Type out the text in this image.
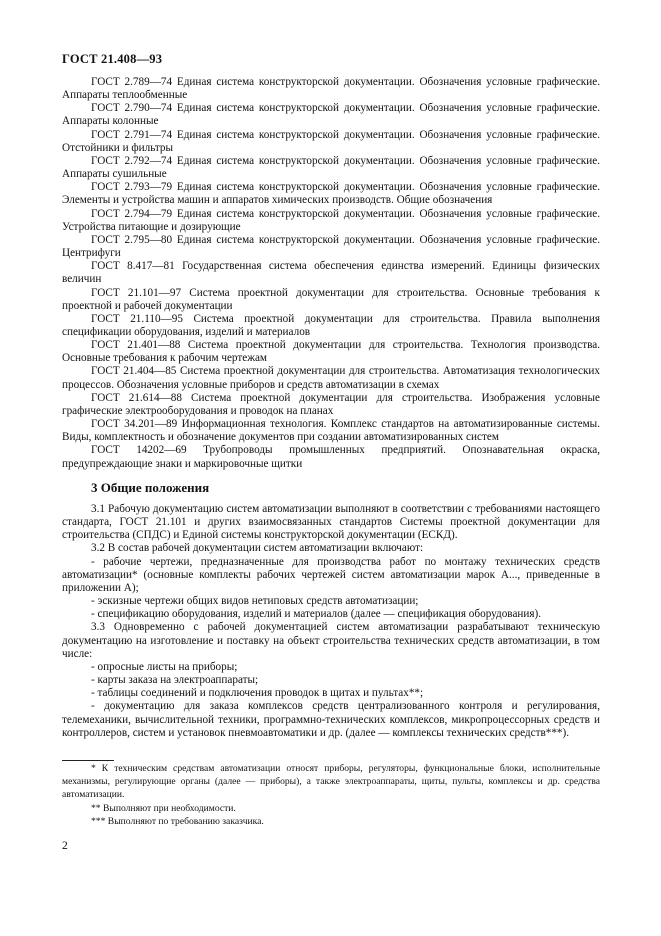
ГОСТ 21.408—93

ГОСТ 2.789—74 Единая система конструкторской документации. Обозначения условные графические. Аппараты теплообменные

ГОСТ 2.790—74 Единая система конструкторской документации. Обозначения условные графические. Аппараты колонные

ГОСТ 2.791—74 Единая система конструкторской документации. Обозначения условные графические. Отстойники и фильтры

ГОСТ 2.792—74 Единая система конструкторской документации. Обозначения условные графические. Аппараты сушильные

ГОСТ 2.793—79 Единая система конструкторской документации. Обозначения условные графические. Элементы и устройства машин и аппаратов химических производств. Общие обозначения

ГОСТ 2.794—79 Единая система конструкторской документации. Обозначения условные графические. Устройства питающие и дозирующие

ГОСТ 2.795—80 Единая система конструкторской документации. Обозначения условные графические. Центрифуги

ГОСТ 8.417—81 Государственная система обеспечения единства измерений. Единицы физических величин

ГОСТ 21.101—97 Система проектной документации для строительства. Основные требования к проектной и рабочей документации

ГОСТ 21.110—95 Система проектной документации для строительства. Правила выполнения спецификации оборудования, изделий и материалов

ГОСТ 21.401—88 Система проектной документации для строительства. Технология производства. Основные требования к рабочим чертежам

ГОСТ 21.404—85 Система проектной документации для строительства. Автоматизация технологических процессов. Обозначения условные приборов и средств автоматизации в схемах

ГОСТ 21.614—88 Система проектной документации для строительства. Изображения условные графические электрооборудования и проводок на планах

ГОСТ 34.201—89 Информационная технология. Комплекс стандартов на автоматизированные системы. Виды, комплектность и обозначение документов при создании автоматизированных систем

ГОСТ 14202—69 Трубопроводы промышленных предприятий. Опознавательная окраска, предупреждающие знаки и маркировочные щитки

3 Общие положения

3.1 Рабочую документацию систем автоматизации выполняют в соответствии с требованиями настоящего стандарта, ГОСТ 21.101 и других взаимосвязанных стандартов Системы проектной документации для строительства (СПДС) и Единой системы конструкторской документации (ЕСКД).

3.2 В состав рабочей документации систем автоматизации включают:

- рабочие чертежи, предназначенные для производства работ по монтажу технических средств автоматизации* (основные комплекты рабочих чертежей систем автоматизации марок А..., приведенные в приложении А);

- эскизные чертежи общих видов нетиповых средств автоматизации;

- спецификацию оборудования, изделий и материалов (далее — спецификация оборудования).

3.3 Одновременно с рабочей документацией систем автоматизации разрабатывают техническую документацию на изготовление и поставку на объект строительства технических средств автоматизации, в том числе:

- опросные листы на приборы;

- карты заказа на электроаппараты;

- таблицы соединений и подключения проводок в щитах и пультах**;

- документацию для заказа комплексов средств централизованного контроля и регулирования, телемеханики, вычислительной техники, программно-технических комплексов, микропроцессорных средств и контроллеров, систем и установок пневмоавтоматики и др. (далее — комплексы технических средств***).

* К техническим средствам автоматизации относят приборы, регуляторы, функциональные блоки, исполнительные механизмы, регулирующие органы (далее — приборы), а также электроаппараты, щиты, пульты, комплексы и др. средства автоматизации.

** Выполняют при необходимости.

*** Выполняют по требованию заказчика.

2
